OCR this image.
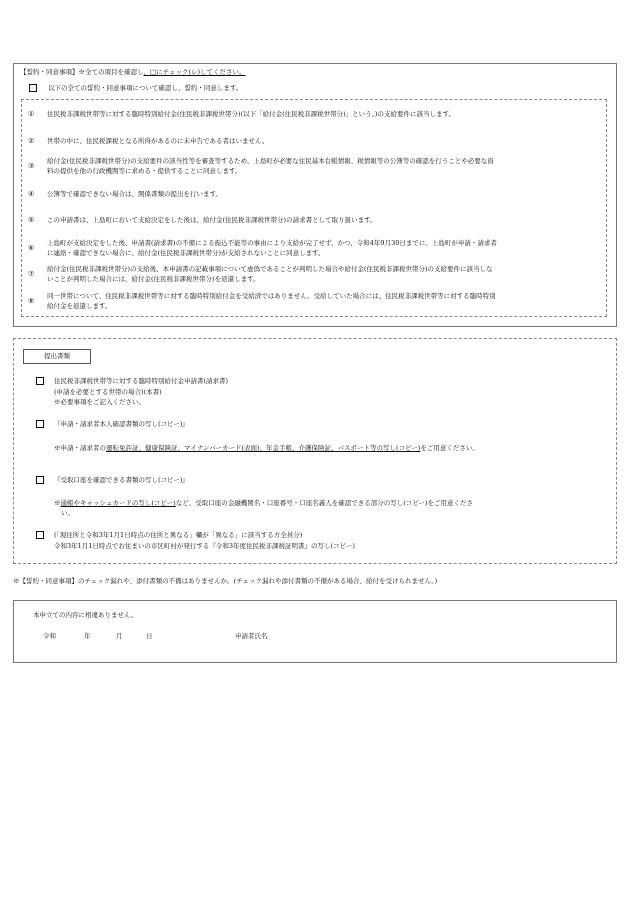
【誓約・同意事項】※全ての項目を確認し、□にチェック(レ)してください。
以下の全ての誓約・同意事項について確認し、誓約・同意します。
① 住民税非課税世帯等に対する臨時特別給付金(住民税非課税世帯分)(以下「給付金(住民税非課税世帯分)」という。)の支給要件に該当します。
② 世帯の中に、住民税課税となる所得があるのに未申告である者はいません。
③
給付金(住民税非課税世帯分)の支給要件の該当性等を審査等するため、上島町が必要な住民基本台帳情報、税情報等の公簿等の確認を行うことや必要な資
料の提供を他の行政機関等に求める・提供することに同意します。
④ 公簿等で確認できない場合は、関係書類の提出を行います。
⑤ この申請書は、上島町において支給決定をした後は、給付金(住民税非課税世帯分)の請求書として取り扱います。
⑥
上島町が支給決定をした後、申請書(請求書)の不備による振込不能等の事由により支給が完了せず、かつ、令和4年9月30日までに、上島町が申請・請求者
に連絡・確認できない場合に、給付金(住民税非課税世帯分)が支給されないことに同意します。
⑦
給付金(住民税非課税世帯分)の支給後、本申請書の記載事項について虚偽であることが判明した場合や給付金(住民税非課税世帯分)の支給要件に該当しな
いことが判明した場合には、給付金(住民税非課税世帯分)を返還します。
⑧
同一世帯について、住民税非課税世帯等に対する臨時特別給付金を受給済ではありません。受給していた場合には、住民税非課税世帯等に対する臨時特別
給付金を返還します。
提出書類
住民税非課税世帯等に対する臨時特別給付金申請書(請求書)
(申請を必要とする世帯の場合)(本書)
※必要事項をご記入ください。
『申請・請求者本人確認書類の写し(コピー)』
※申請・請求者の運転免許証、健康保険証、マイナンバーカード(表面)、年金手帳、介護保険証、パスポート等の写し(コピー)をご用意ください。
『受取口座を確認できる書類の写し(コピー)』
※通帳やキャッシュカードの写し(コピー)など、受取口座の金融機関名・口座番号・口座名義人を確認できる部分の写し(コピー)をご用意くださ
い。
(「現住所と令和3年1月1日時点の住所と異なる」欄が「異なる」に該当する方全員分)
令和3年1月1日時点でお住まいの市区町村が発行する『令和3年度住民税非課税証明書』の写し(コピー)
※【誓約・同意事項】のチェック漏れや、添付書類の不備はありませんか。(チェック漏れや添付書類の不備がある場合、給付を受けられません。)
本申立ての内容に相違ありません。
令和	年	月	日	申請者氏名
